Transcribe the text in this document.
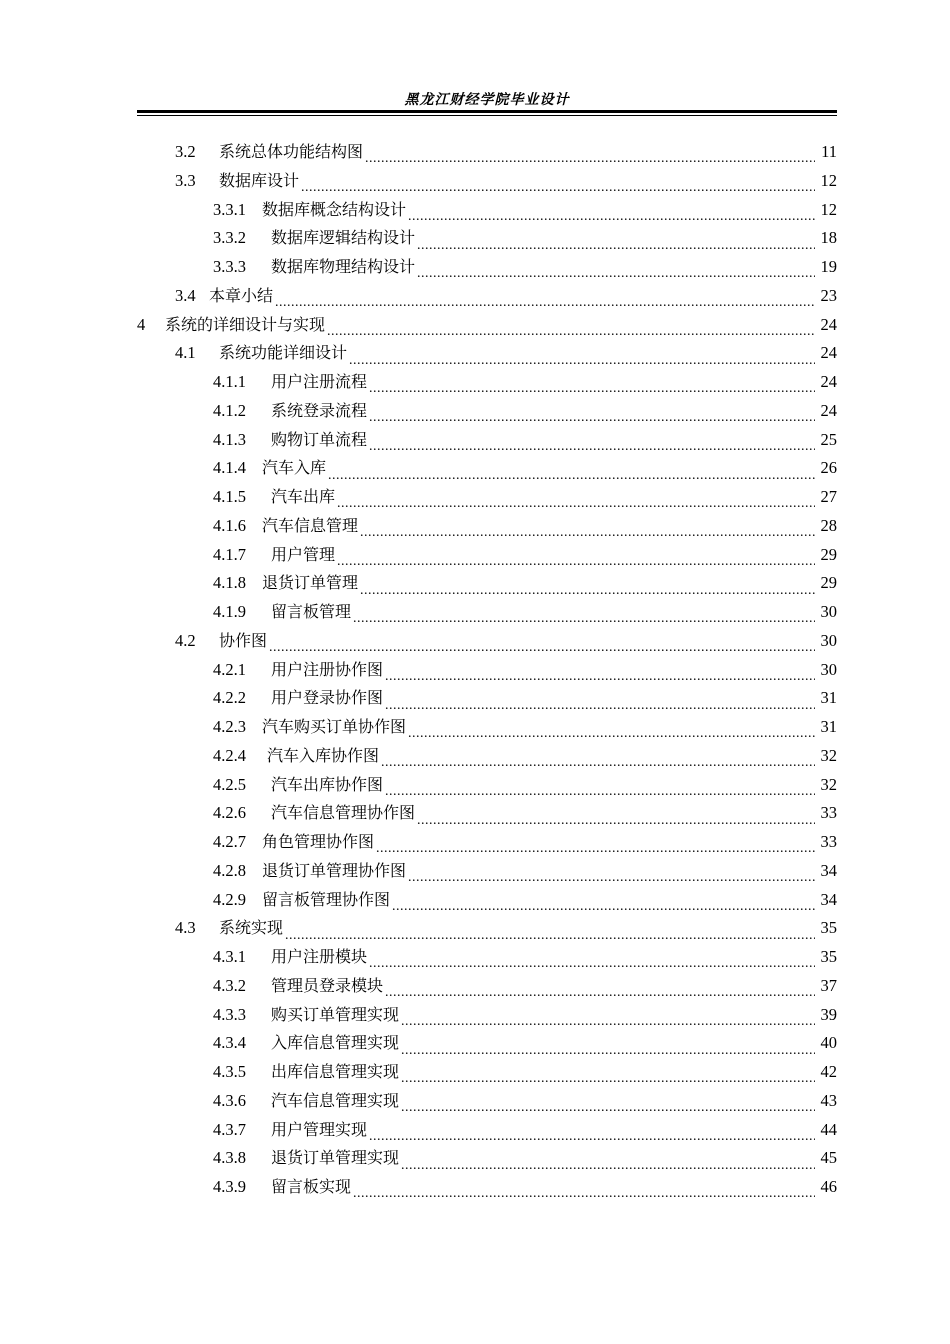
黑龙江财经学院毕业设计
3.2	系统总体功能结构图 .....	11
3.3	数据库设计 .....	12
3.3.1	数据库概念结构设计 .....	12
3.3.2	数据库逻辑结构设计 .....	18
3.3.3	数据库物理结构设计 .....	19
3.4 本章小结 .....	23
4	系统的详细设计与实现 .....	24
4.1	系统功能详细设计 .....	24
4.1.1	用户注册流程 .....	24
4.1.2	系统登录流程 .....	24
4.1.3	购物订单流程 .....	25
4.1.4	汽车入库 .....	26
4.1.5	汽车出库 .....	27
4.1.6	汽车信息管理 .....	28
4.1.7	用户管理 .....	29
4.1.8	退货订单管理 .....	29
4.1.9	留言板管理 .....	30
4.2	协作图 .....	30
4.2.1	用户注册协作图 .....	30
4.2.2	用户登录协作图 .....	31
4.2.3	汽车购买订单协作图 .....	31
4.2.4	汽车入库协作图 .....	32
4.2.5	汽车出库协作图 .....	32
4.2.6	汽车信息管理协作图 .....	33
4.2.7	角色管理协作图 .....	33
4.2.8	退货订单管理协作图 .....	34
4.2.9	留言板管理协作图 .....	34
4.3	系统实现 .....	35
4.3.1	用户注册模块 .....	35
4.3.2	管理员登录模块 .....	37
4.3.3	购买订单管理实现 .....	39
4.3.4	入库信息管理实现 .....	40
4.3.5	出库信息管理实现 .....	42
4.3.6	汽车信息管理实现 .....	43
4.3.7	用户管理实现 .....	44
4.3.8	退货订单管理实现 .....	45
4.3.9	留言板实现 .....	46
